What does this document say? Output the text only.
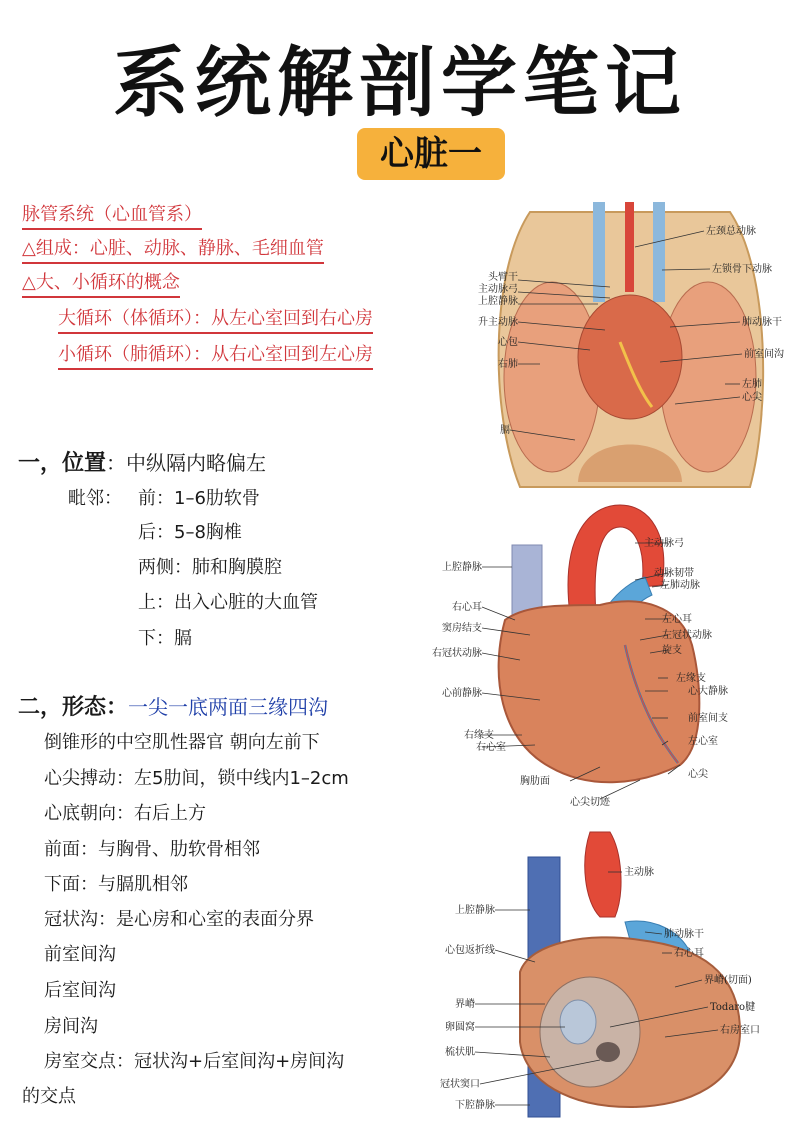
系统解剖学笔记
心脏一
脉管系统（心血管系）
△组成：心脏、动脉、静脉、毛细血管
△大、小循环的概念
大循环（体循环）：从左心室回到右心房
小循环（肺循环）：从右心室回到左心房
一，位置：中纵隔内略偏左
毗邻： 前：1–6肋软骨
后：5–8胸椎
两侧：肺和胸膜腔
上：出入心脏的大血管
下：膈
二，形态：一尖一底两面三缘四沟
倒锥形的中空肌性器官 朝向左前下
心尖搏动：左5肋间，锁中线内1–2cm
心底朝向：右后上方
前面：与胸骨、肋软骨相邻
下面：与膈肌相邻
冠状沟：是心房和心室的表面分界
前室间沟
后室间沟
房间沟
房室交点：冠状沟+后室间沟+房间沟
的交点
头臂干
主动脉弓
上腔静脉
升主动脉
心包
右肺
膈
左颈总动脉
左锁骨下动脉
肺动脉干
前室间沟
左肺
心尖
上腔静脉
右心耳
窦房结支
右冠状动脉
心前静脉
右缘支
右心室
胸肋面
主动脉弓
动脉韧带
左肺动脉
左心耳
左冠状动脉
旋支
左缘支
心大静脉
前室间支
左心室
心尖
心尖切迹
上腔静脉
心包返折线
界嵴
卵圆窝
梳状肌
冠状窦口
下腔静脉
主动脉
肺动脉干
右心耳
界嵴(切面)
Todaro腱
右房室口
